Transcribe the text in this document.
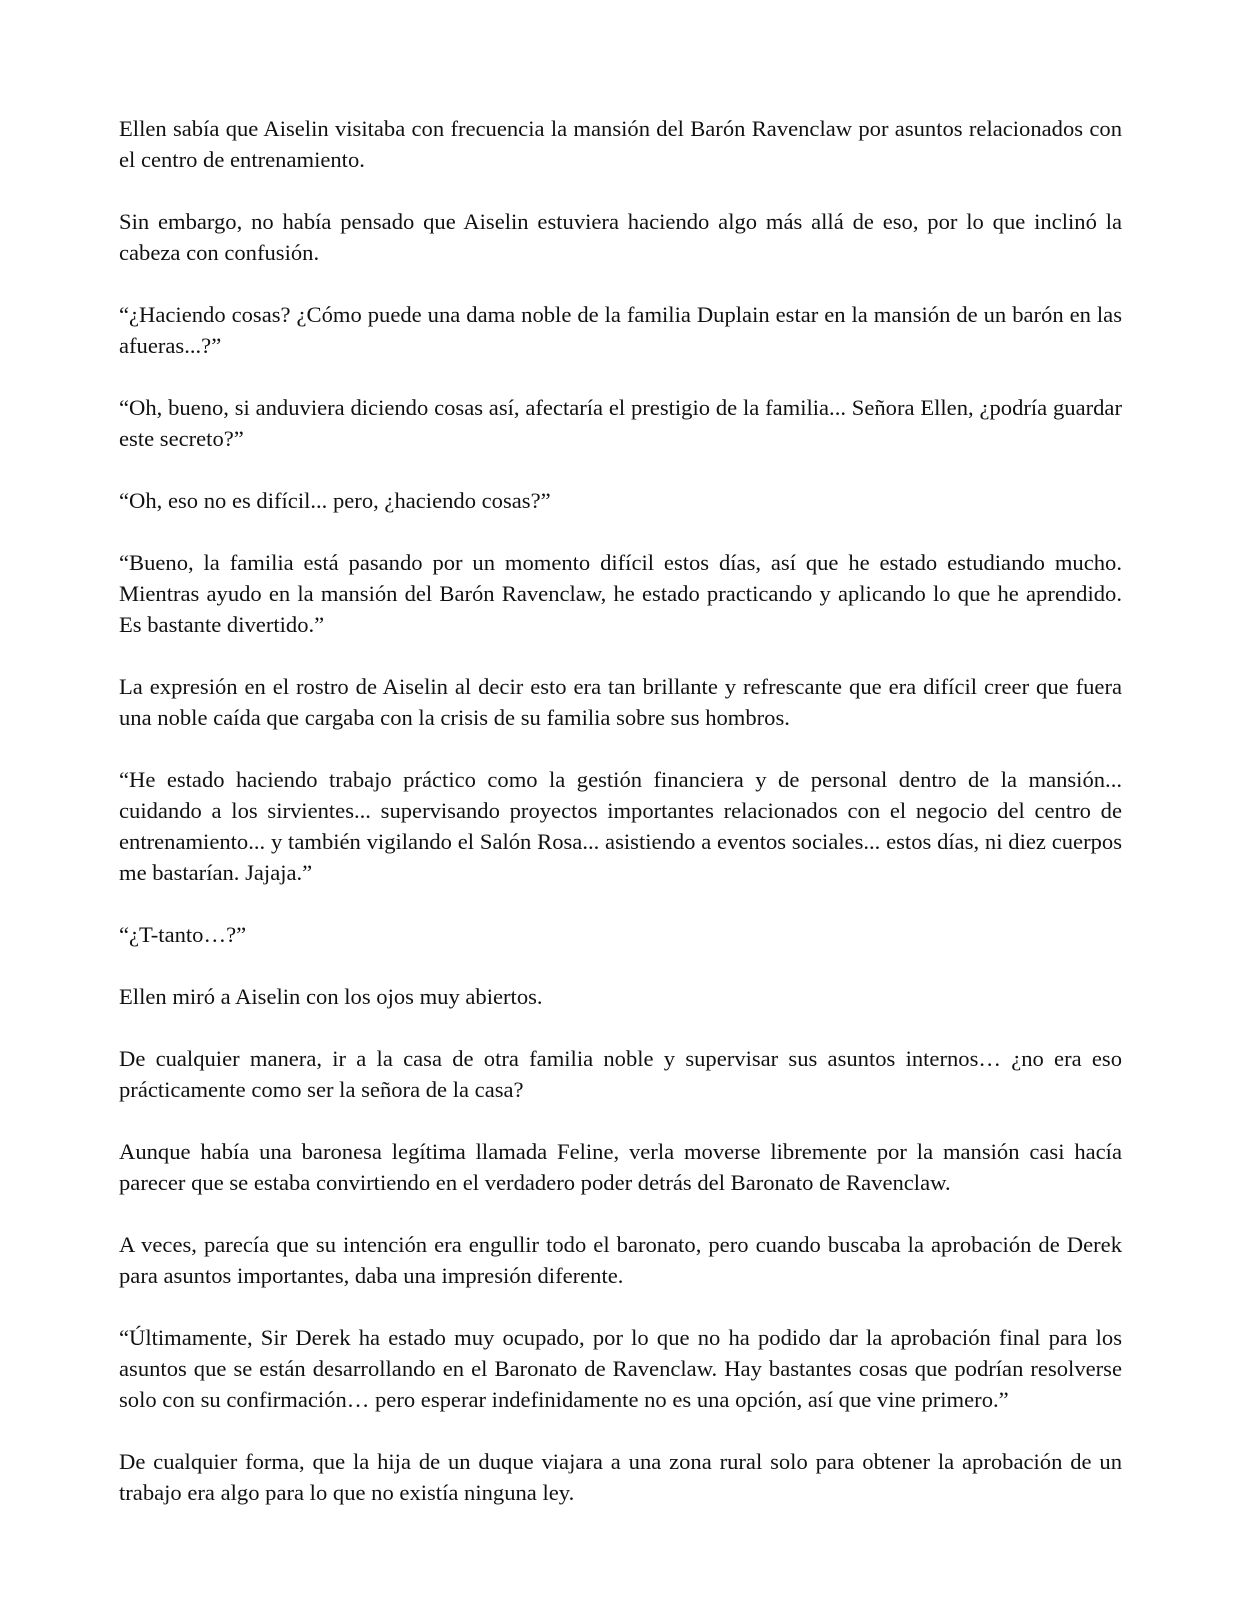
Ellen sabía que Aiselin visitaba con frecuencia la mansión del Barón Ravenclaw por asuntos relacionados con el centro de entrenamiento.

Sin embargo, no había pensado que Aiselin estuviera haciendo algo más allá de eso, por lo que inclinó la cabeza con confusión.

“¿Haciendo cosas? ¿Cómo puede una dama noble de la familia Duplain estar en la mansión de un barón en las afueras...?”

“Oh, bueno, si anduviera diciendo cosas así, afectaría el prestigio de la familia... Señora Ellen, ¿podría guardar este secreto?”

“Oh, eso no es difícil... pero, ¿haciendo cosas?”

“Bueno, la familia está pasando por un momento difícil estos días, así que he estado estudiando mucho. Mientras ayudo en la mansión del Barón Ravenclaw, he estado practicando y aplicando lo que he aprendido. Es bastante divertido.”

La expresión en el rostro de Aiselin al decir esto era tan brillante y refrescante que era difícil creer que fuera una noble caída que cargaba con la crisis de su familia sobre sus hombros.

“He estado haciendo trabajo práctico como la gestión financiera y de personal dentro de la mansión... cuidando a los sirvientes... supervisando proyectos importantes relacionados con el negocio del centro de entrenamiento... y también vigilando el Salón Rosa... asistiendo a eventos sociales... estos días, ni diez cuerpos me bastarían. Jajaja.”

“¿T-tanto…?”

Ellen miró a Aiselin con los ojos muy abiertos.

De cualquier manera, ir a la casa de otra familia noble y supervisar sus asuntos internos… ¿no era eso prácticamente como ser la señora de la casa?

Aunque había una baronesa legítima llamada Feline, verla moverse libremente por la mansión casi hacía parecer que se estaba convirtiendo en el verdadero poder detrás del Baronato de Ravenclaw.

A veces, parecía que su intención era engullir todo el baronato, pero cuando buscaba la aprobación de Derek para asuntos importantes, daba una impresión diferente.

“Últimamente, Sir Derek ha estado muy ocupado, por lo que no ha podido dar la aprobación final para los asuntos que se están desarrollando en el Baronato de Ravenclaw. Hay bastantes cosas que podrían resolverse solo con su confirmación… pero esperar indefinidamente no es una opción, así que vine primero.”

De cualquier forma, que la hija de un duque viajara a una zona rural solo para obtener la aprobación de un trabajo era algo para lo que no existía ninguna ley.
